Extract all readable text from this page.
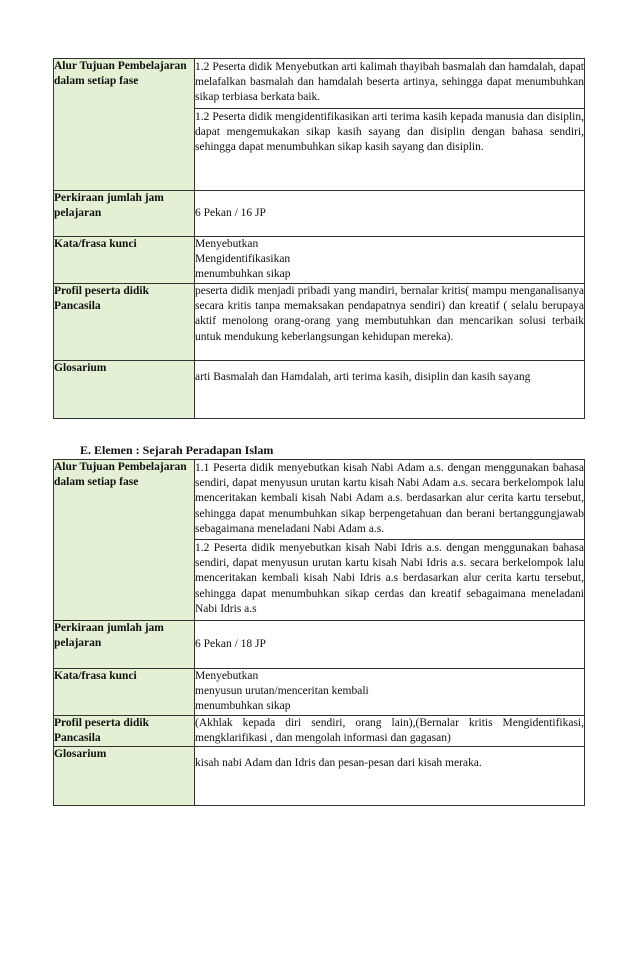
Alur Tujuan Pembelajaran dalam setiap fase	1.2 Peserta didik Menyebutkan arti kalimah thayibah basmalah dan hamdalah, dapat melafalkan basmalah dan hamdalah beserta artinya, sehingga dapat menumbuhkan sikap terbiasa berkata baik.

1.2 Peserta didik mengidentifikasikan arti terima kasih kepada manusia dan disiplin, dapat mengemukakan sikap kasih sayang dan disiplin dengan bahasa sendiri, sehingga dapat menumbuhkan sikap kasih sayang dan disiplin.

Perkiraan jumlah jam pelajaran	6 Pekan / 16 JP
Kata/frasa kunci	Menyebutkan
Mengidentifikasikan
menumbuhkan sikap

Profil peserta didik Pancasila	peserta didik menjadi pribadi yang mandiri, bernalar kritis( mampu menganalisanya secara kritis tanpa memaksakan pendapatnya sendiri) dan kreatif ( selalu berupaya aktif menolong orang-orang yang membutuhkan dan mencarikan solusi terbaik untuk mendukung keberlangsungan kehidupan mereka).
Glosarium	arti Basmalah dan Hamdalah, arti terima kasih, disiplin dan kasih sayang
E. Elemen : Sejarah Peradapan Islam
Alur Tujuan Pembelajaran dalam setiap fase	1.1 Peserta didik menyebutkan kisah Nabi Adam a.s. dengan menggunakan bahasa sendiri, dapat menyusun urutan kartu kisah Nabi Adam a.s. secara berkelompok lalu menceritakan kembali kisah Nabi Adam a.s. berdasarkan alur cerita kartu tersebut, sehingga dapat menumbuhkan sikap berpengetahuan dan berani bertanggungjawab sebagaimana meneladani Nabi Adam a.s.

1.2 Peserta didik menyebutkan kisah Nabi Idris a.s. dengan menggunakan bahasa sendiri, dapat menyusun urutan kartu kisah Nabi Idris a.s. secara berkelompok lalu menceritakan kembali kisah Nabi Idris a.s berdasarkan alur cerita kartu tersebut, sehingga dapat menumbuhkan sikap cerdas dan kreatif sebagaimana meneladani Nabi Idris a.s

Perkiraan jumlah jam pelajaran	6 Pekan / 18 JP
Kata/frasa kunci	Menyebutkan
menyusun urutan/menceritan kembali
menumbuhkan sikap

Profil peserta didik Pancasila	(Akhlak kepada diri sendiri, orang lain),(Bernalar kritis Mengidentifikasi, mengklarifikasi , dan mengolah informasi dan gagasan)
Glosarium	kisah nabi Adam dan Idris dan pesan-pesan dari kisah meraka.
